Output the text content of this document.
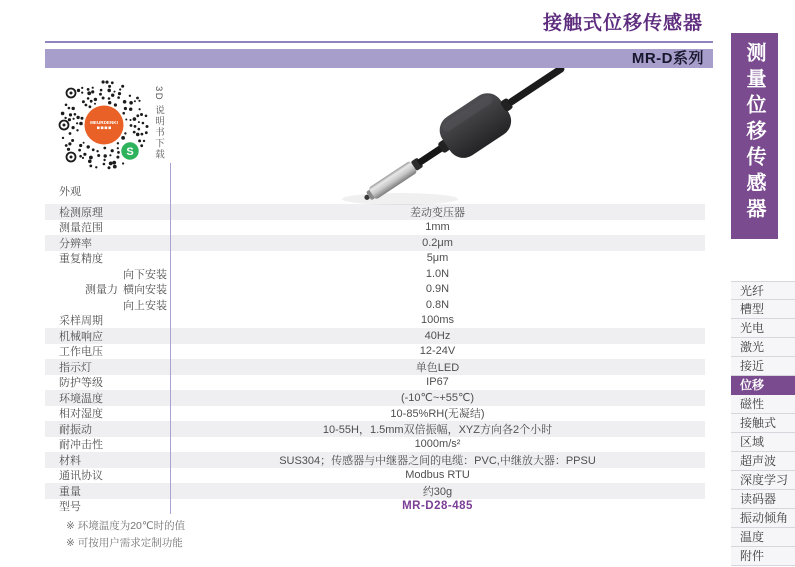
接触式位移传感器
MR-D系列	测量位移传感器
MEURDENKI
S 3D 说明书下载
外观
检测原理	差动变压器
测量范围	1mm
分辨率	0.2μm
重复精度	5μm
向下安装	1.0N
测量力 横向安装	0.9N
向上安装	0.8N
采样周期	100ms
机械响应	40Hz
工作电压	12-24V
指示灯	单色LED
防护等级	IP67
环境温度	(-10℃~+55℃)
相对湿度	10-85%RH(无凝结)
耐振动	10-55H，1.5mm双倍振幅，XYZ方向各2个小时
耐冲击性	1000m/s²
材料	SUS304；传感器与中继器之间的电缆：PVC,中继放大器：PPSU
通讯协议	Modbus RTU
重量	约30g
型号	MR-D28-485
※ 环境温度为20℃时的值
※ 可按用户需求定制功能
光纤
槽型
光电
激光
接近
位移
磁性
接触式
区域
超声波
深度学习
读码器
振动倾角
温度
附件
